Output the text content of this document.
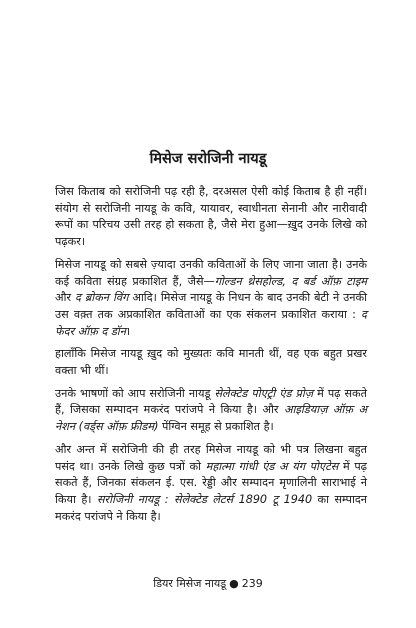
मिसेज सरोजिनी नायडू

जिस किताब को सरोजिनी पढ़ रही है, दरअसल ऐसी कोई किताब है ही नहीं। संयोग से सरोजिनी नायडू के कवि, यायावर, स्वाधीनता सेनानी और नारीवादी रूपों का परिचय उसी तरह हो सकता है, जैसे मेरा हुआ—ख़ुद उनके लिखे को पढ़कर।

मिसेज नायडू को सबसे ज़्यादा उनकी कविताओं के लिए जाना जाता है। उनके कई कविता संग्रह प्रकाशित हैं, जैसे—गोल्डन थ्रेसहोल्ड, द बर्ड ऑफ़ टाइम और द ब्रोकन विंग आदि। मिसेज नायडू के निधन के बाद उनकी बेटी ने उनकी उस वक़्त तक अप्रकाशित कविताओं का एक संकलन प्रकाशित कराया : द फेदर ऑफ़ द डॉन।

हालाँकि मिसेज नायडू ख़ुद को मुख्यतः कवि मानती थीं, वह एक बहुत प्रखर वक्ता भी थीं।

उनके भाषणों को आप सरोजिनी नायडू सेलेक्टेड पोएट्री एंड प्रोज़ में पढ़ सकते हैं, जिसका सम्पादन मकरंद परांजपे ने किया है। और आइडियाज़ ऑफ़ अ नेशन (वर्ड्स ऑफ़ फ्रीडम) पेंग्विन समूह से प्रकाशित है।

और अन्त में सरोजिनी की ही तरह मिसेज नायडू को भी पत्र लिखना बहुत पसंद था। उनके लिखे कुछ पत्रों को महात्मा गांधी एंड अ यंग पोएटेस में पढ़ सकते हैं, जिनका संकलन ई. एस. रेड्डी और सम्पादन मृणालिनी साराभाई ने किया है। सरोजिनी नायडू : सेलेक्टेड लेटर्स 1890 टू 1940 का सम्पादन मकरंद परांजपे ने किया है।

डियर मिसेज नायडू ● 239
